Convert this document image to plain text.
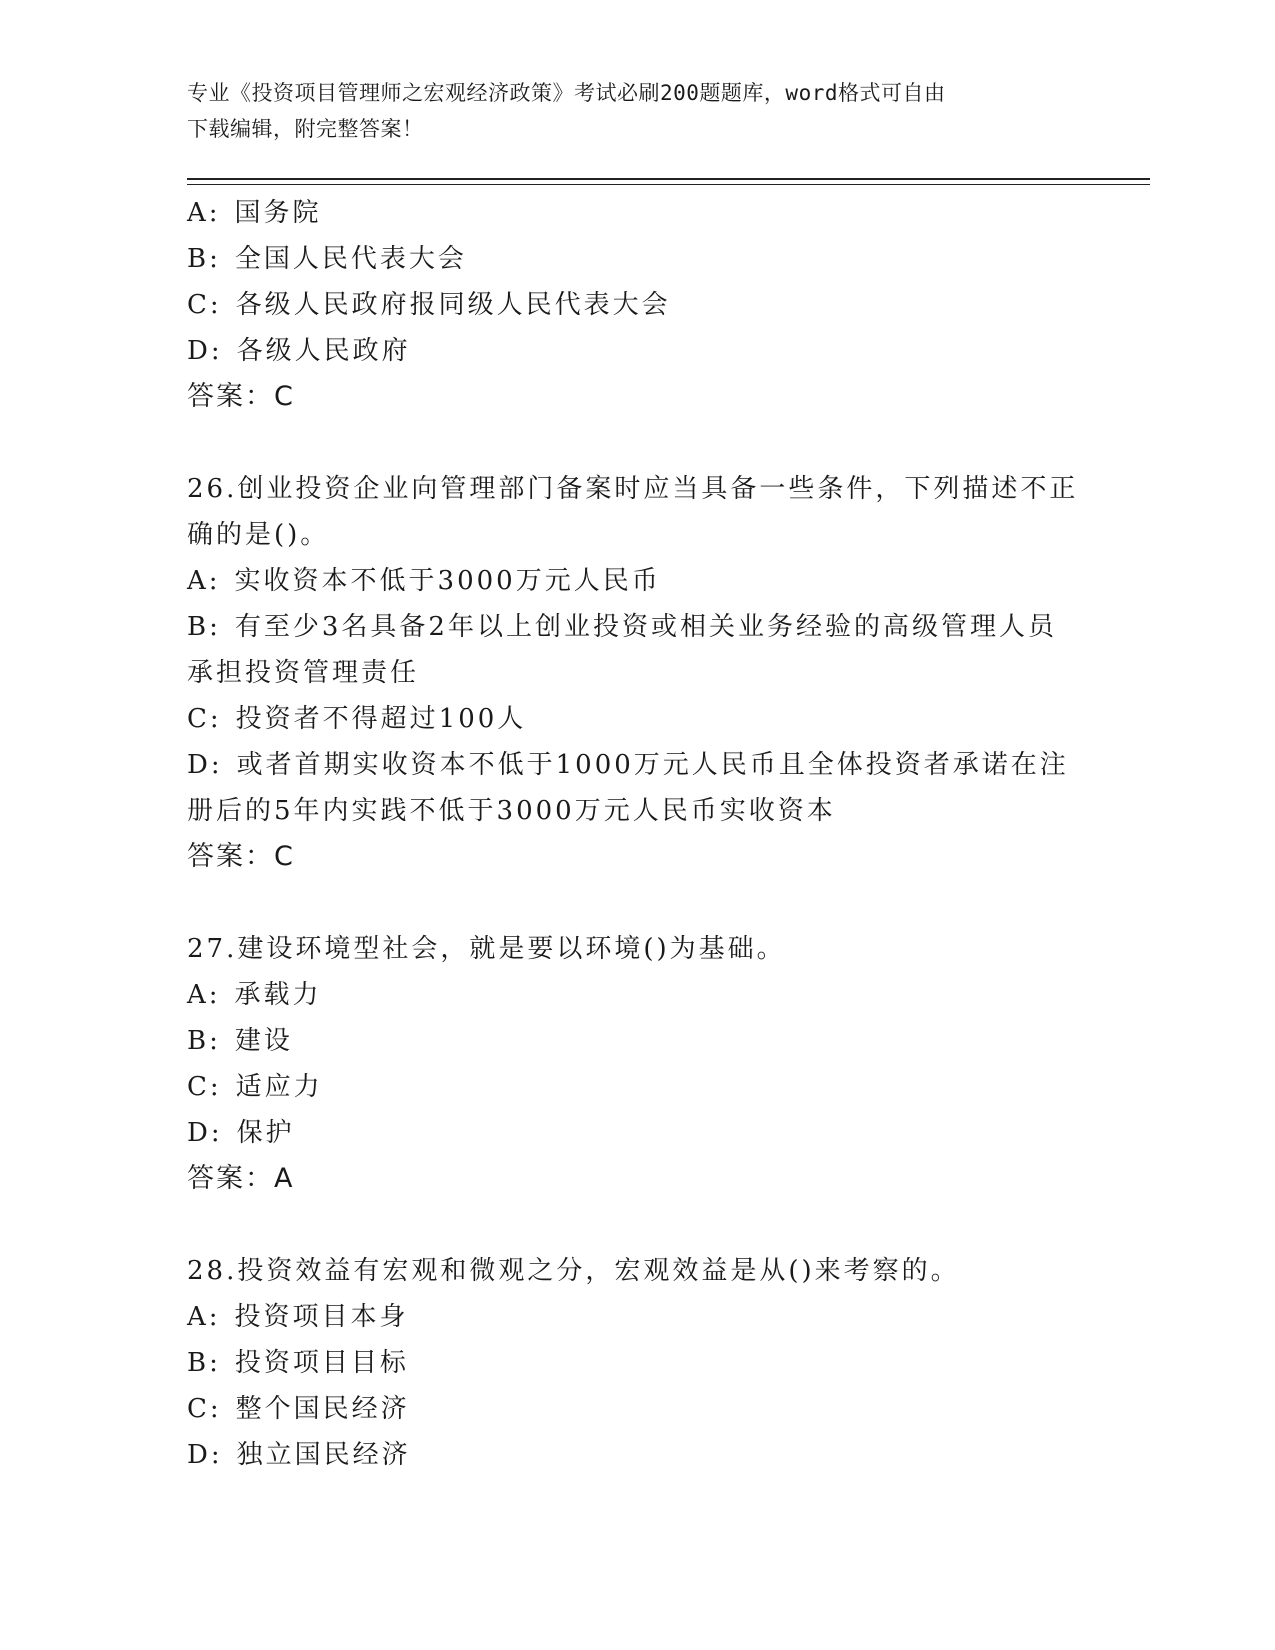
专业《投资项目管理师之宏观经济政策》考试必刷200题题库，word格式可自由
下载编辑，附完整答案！
A: 国务院
B: 全国人民代表大会
C: 各级人民政府报同级人民代表大会
D: 各级人民政府
答案：C
26.创业投资企业向管理部门备案时应当具备一些条件，下列描述不正
确的是()。
A: 实收资本不低于3000万元人民币
B: 有至少3名具备2年以上创业投资或相关业务经验的高级管理人员
承担投资管理责任
C: 投资者不得超过100人
D: 或者首期实收资本不低于1000万元人民币且全体投资者承诺在注
册后的5年内实践不低于3000万元人民币实收资本
答案：C
27.建设环境型社会，就是要以环境()为基础。
A: 承载力
B: 建设
C: 适应力
D: 保护
答案：A
28.投资效益有宏观和微观之分，宏观效益是从()来考察的。
A: 投资项目本身
B: 投资项目目标
C: 整个国民经济
D: 独立国民经济
